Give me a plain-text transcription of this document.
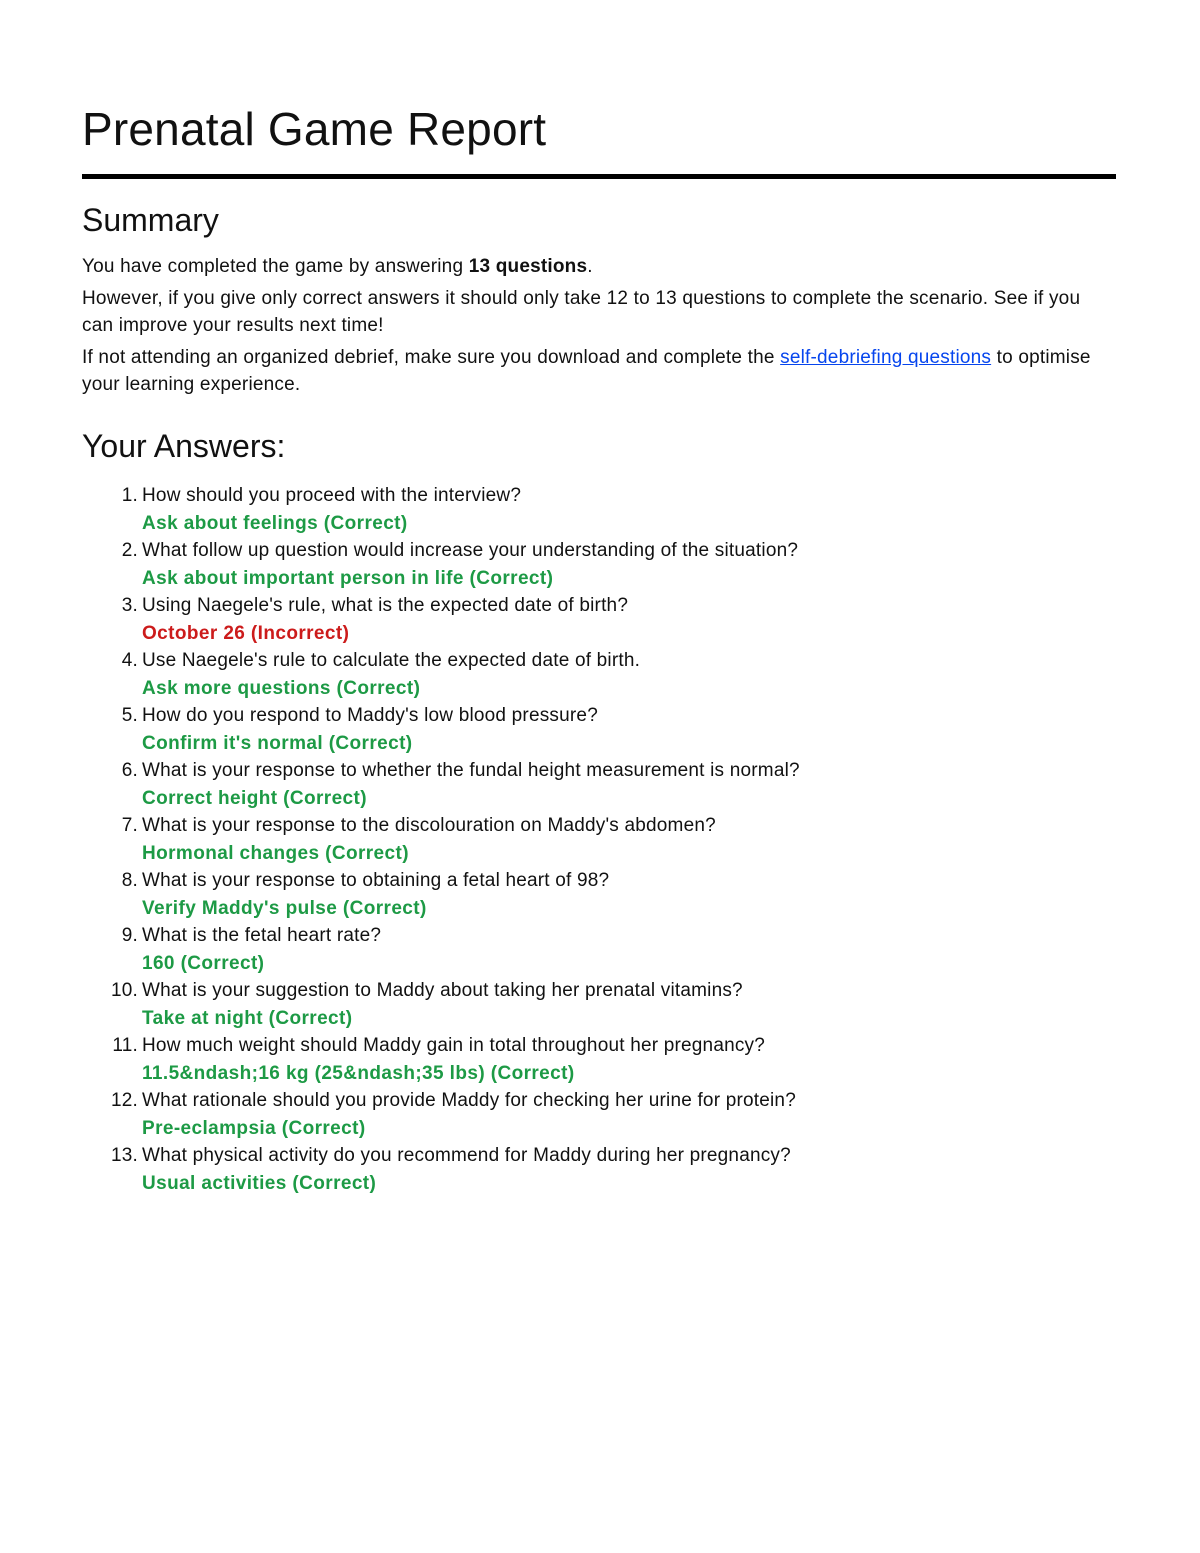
Prenatal Game Report
Summary

You have completed the game by answering 13 questions.

However, if you give only correct answers it should only take 12 to 13 questions to complete the scenario. See if you can improve your results next time!

If not attending an organized debrief, make sure you download and complete the self-debriefing questions to optimise your learning experience.

Your Answers:
1. How should you proceed with the interview?
Ask about feelings (Correct)
2. What follow up question would increase your understanding of the situation?
Ask about important person in life (Correct)
3. Using Naegele's rule, what is the expected date of birth?
October 26 (Incorrect)
4. Use Naegele's rule to calculate the expected date of birth.
Ask more questions (Correct)
5. How do you respond to Maddy's low blood pressure?
Confirm it's normal (Correct)
6. What is your response to whether the fundal height measurement is normal?
Correct height (Correct)
7. What is your response to the discolouration on Maddy's abdomen?
Hormonal changes (Correct)
8. What is your response to obtaining a fetal heart of 98?
Verify Maddy's pulse (Correct)
9. What is the fetal heart rate?
160 (Correct)
10. What is your suggestion to Maddy about taking her prenatal vitamins?
Take at night (Correct)
11. How much weight should Maddy gain in total throughout her pregnancy?
11.5&ndash;16 kg (25&ndash;35 lbs) (Correct)
12. What rationale should you provide Maddy for checking her urine for protein?
Pre-eclampsia (Correct)
13. What physical activity do you recommend for Maddy during her pregnancy?
Usual activities (Correct)
